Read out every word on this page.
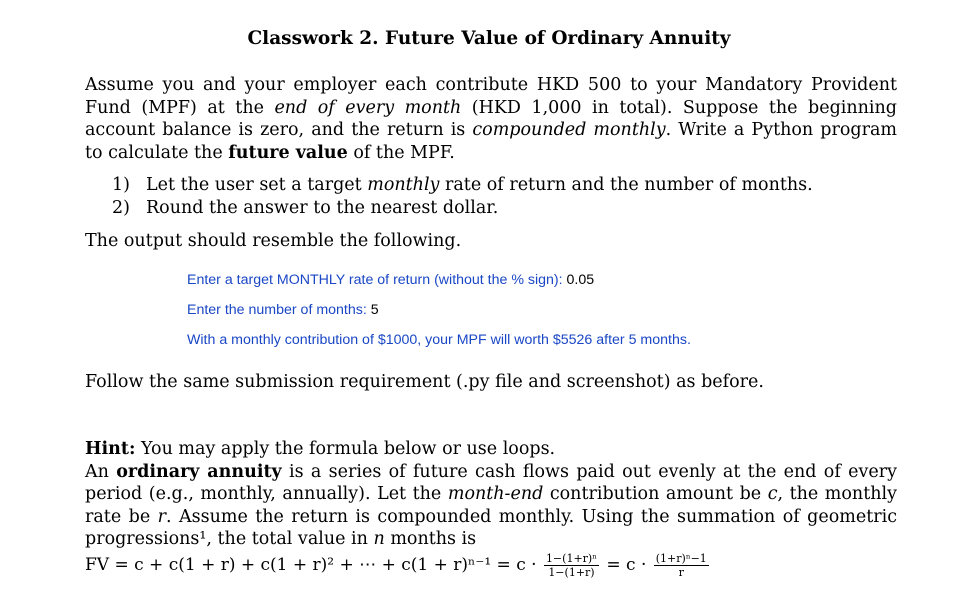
Classwork 2. Future Value of Ordinary Annuity
Assume you and your employer each contribute HKD 500 to your Mandatory Provident Fund (MPF) at the end of every month (HKD 1,000 in total). Suppose the beginning account balance is zero, and the return is compounded monthly. Write a Python program to calculate the future value of the MPF.
1) Let the user set a target monthly rate of return and the number of months.
2) Round the answer to the nearest dollar.
The output should resemble the following.
Enter a target MONTHLY rate of return (without the % sign): 0.05
Enter the number of months: 5
With a monthly contribution of $1000, your MPF will worth $5526 after 5 months.
Follow the same submission requirement (.py file and screenshot) as before.
Hint: You may apply the formula below or use loops.
An ordinary annuity is a series of future cash flows paid out evenly at the end of every period (e.g., monthly, annually). Let the month-end contribution amount be c, the monthly rate be r. Assume the return is compounded monthly. Using the summation of geometric progressions¹, the total value in n months is
FV = c + c(1 + r) + c(1 + r)² + ⋯ + $c(1 + r)^{n-1} = c \cdot \frac{\text{1−(1+r)ⁿ}}{1-(1+r)} = c \cdot \frac{\text{(1+r)ⁿ−1}}{r}$
